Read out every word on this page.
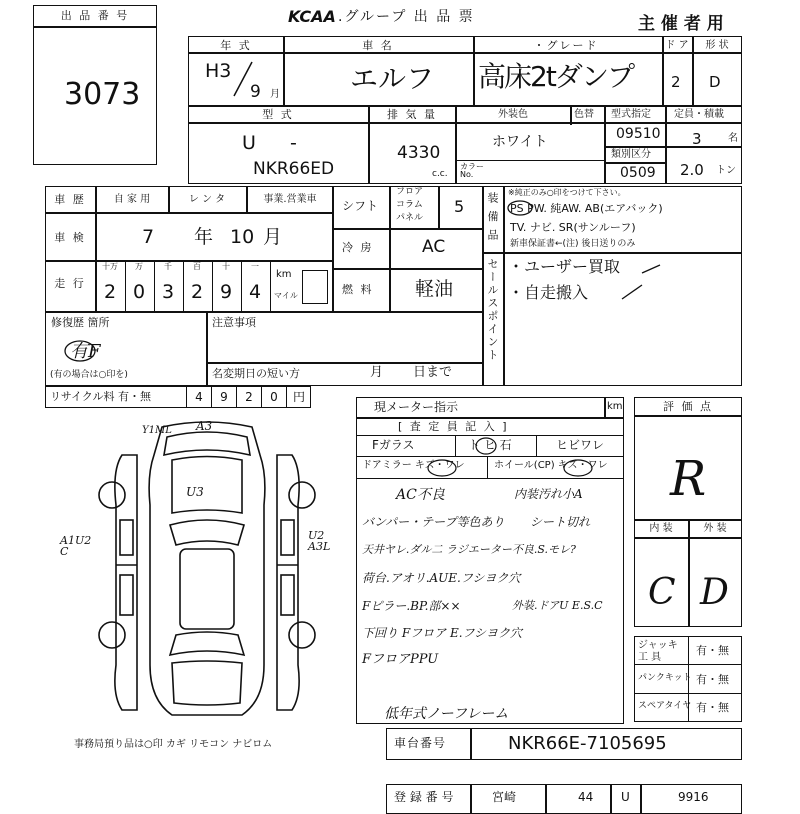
出 品 番 号
3073
KCAA .グループ 出 品 票	主 催 者 用
年 式
H3
9 月
車 名
エルフ
・グレード
高床2tダンプ
ド ア
2
形 状
D
型 式
U -
NKR66ED
排 気 量
4330
c.c.
外装色	色替
ホワイト
カラー No.
型式指定
09510
類別区分
0509
定員・積載
3	名
2.0 トン
車 歴	自 家 用	レ ン タ	事業.営業車
車 検	7 年 10 月
走 行
十万
2
万
0
千
3
百
2
十
9
一
4
km
マイル
シフト
フロア
コラム
パネル
5
冷 房	AC
燃 料 軽油
装 備 品 ※純正のみ○印をつけて下さい。
PS PW. 純AW. AB(エアバック)
TV. ナビ. SR(サンルーフ)
新車保証書←(注) 後日送りのみ
セールスポイント ・ユーザー買取
・自走搬入
修復歴 箇所
有F
(有の場合は○印を)
注意事項
名変期日の短い方	月 日まで
リサイクル料 有・無	4 9 2 0 円
Y1ML A3
U3
A1U2 C
U2 A3L
事務局預り品は○印 カギ リモコン ナビロム
現メーター指示	km
[ 査 定 員 記 入 ]
Fガラス	ト ヒ 石	ヒビワレ
ドアミラー キズ・ワレ	ホイール(CP) キズ・ワレ
AC不良	内装汚れ小A
バンパー・テープ等色あり シート切れ
天井ヤレ.ダル二 ラジエーター不良.S.モレ?
荷台.アオリ.AUE.フシヨク穴
Fピラー.BP.部××	外装.ドアU E.S.C
下回り Fフロア E.フシヨク穴
FフロアPPU
低年式ノーフレーム
評 価 点
R
内 装	外 装
C D
ジャッキ 工 具
有・無
パンクキット 有・無
スペアタイヤ 有・無
車台番号	NKR66E-7105695
登 録 番 号	宮崎	44 U	9916
